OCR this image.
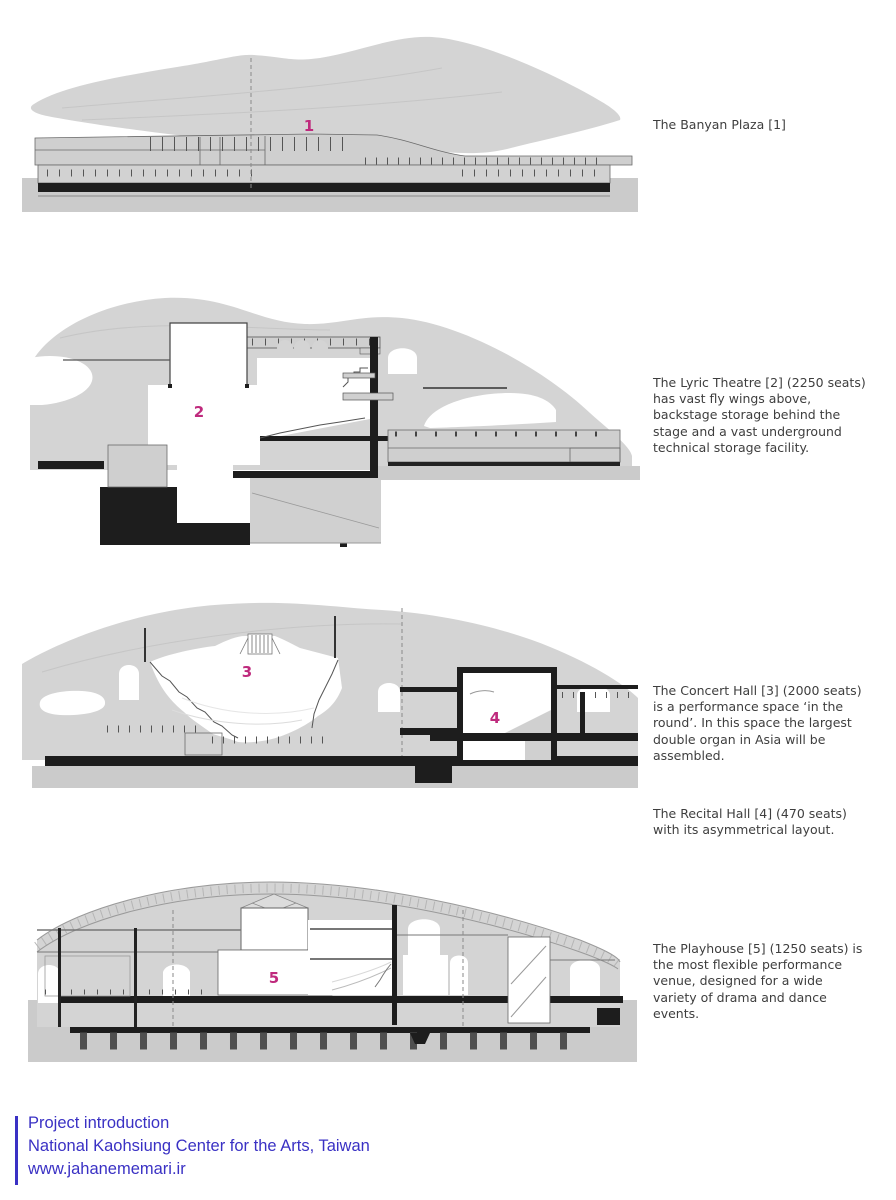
1
2
3
4
5
The Banyan Plaza [1]
The Lyric Theatre [2] (2250 seats) has vast fly wings above, backstage storage behind the stage and a vast underground technical storage facility.
The Concert Hall [3] (2000 seats) is a performance space ‘in the round’. In this space the largest double organ in Asia will be assembled.
The Recital Hall [4] (470 seats) with its asymmetrical layout.
The Playhouse [5] (1250 seats) is the most flexible performance venue, designed for a wide variety of drama and dance events.
Project introduction
National Kaohsiung Center for the Arts, Taiwan
www.jahanememari.ir
